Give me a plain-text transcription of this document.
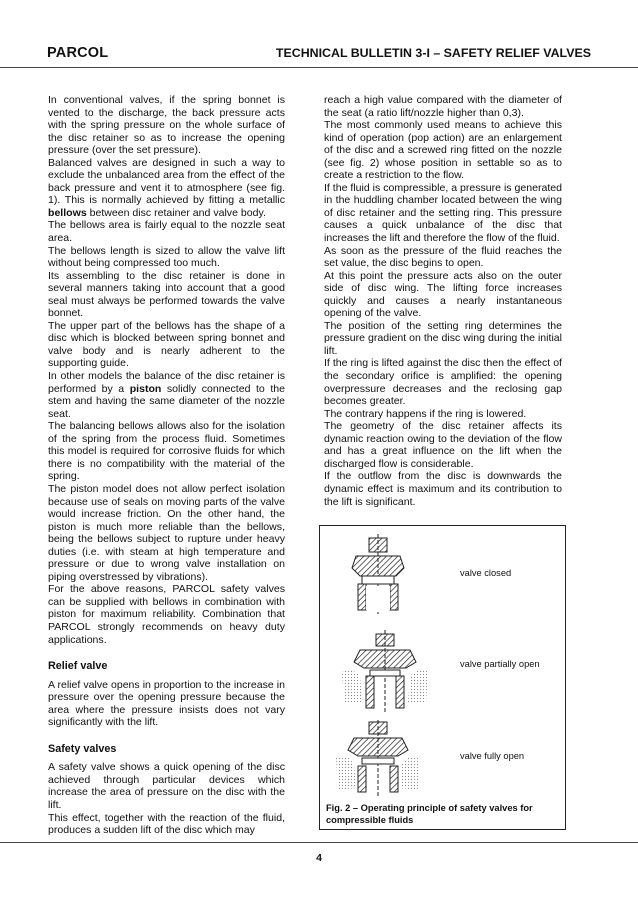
PARCOL	TECHNICAL BULLETIN 3-I – SAFETY RELIEF VALVES

In conventional valves, if the spring bonnet is vented to the discharge, the back pressure acts with the spring pressure on the whole surface of the disc retainer so as to increase the opening pressure (over the set pressure).

Balanced valves are designed in such a way to exclude the unbalanced area from the effect of the back pressure and vent it to atmosphere (see fig. 1). This is normally achieved by fitting a metallic bellows between disc retainer and valve body.

The bellows area is fairly equal to the nozzle seat area.

The bellows length is sized to allow the valve lift without being compressed too much.

Its assembling to the disc retainer is done in several manners taking into account that a good seal must always be performed towards the valve bonnet.

The upper part of the bellows has the shape of a disc which is blocked between spring bonnet and valve body and is nearly adherent to the supporting guide.

In other models the balance of the disc retainer is performed by a piston solidly connected to the stem and having the same diameter of the nozzle seat.

The balancing bellows allows also for the isolation of the spring from the process fluid. Sometimes this model is required for corrosive fluids for which there is no compatibility with the material of the spring.

The piston model does not allow perfect isolation because use of seals on moving parts of the valve would increase friction. On the other hand, the piston is much more reliable than the bellows, being the bellows subject to rupture under heavy duties (i.e. with steam at high temperature and pressure or due to wrong valve installation on piping overstressed by vibrations).

For the above reasons, PARCOL safety valves can be supplied with bellows in combination with piston for maximum reliability. Combination that PARCOL strongly recommends on heavy duty applications.

Relief valve

A relief valve opens in proportion to the increase in pressure over the opening pressure because the area where the pressure insists does not vary significantly with the lift.

Safety valves

A safety valve shows a quick opening of the disc achieved through particular devices which increase the area of pressure on the disc with the lift.

This effect, together with the reaction of the fluid, produces a sudden lift of the disc which may

reach a high value compared with the diameter of the seat (a ratio lift/nozzle higher than 0,3).

The most commonly used means to achieve this kind of operation (pop action) are an enlargement of the disc and a screwed ring fitted on the nozzle (see fig. 2) whose position in settable so as to create a restriction to the flow.

If the fluid is compressible, a pressure is generated in the huddling chamber located between the wing of disc retainer and the setting ring. This pressure causes a quick unbalance of the disc that increases the lift and therefore the flow of the fluid.

As soon as the pressure of the fluid reaches the set value, the disc begins to open.

At this point the pressure acts also on the outer side of disc wing. The lifting force increases quickly and causes a nearly instantaneous opening of the valve.

The position of the setting ring determines the pressure gradient on the disc wing during the initial lift.

If the ring is lifted against the disc then the effect of the secondary orifice is amplified: the opening overpressure decreases and the reclosing gap becomes greater.

The contrary happens if the ring is lowered.

The geometry of the disc retainer affects its dynamic reaction owing to the deviation of the flow and has a great influence on the lift when the discharged flow is considerable.

If the outflow from the disc is downwards the dynamic effect is maximum and its contribution to the lift is significant.

valve closed
valve partially open
valve fully open
Fig. 2 – Operating principle of safety valves for compressible fluids
4
